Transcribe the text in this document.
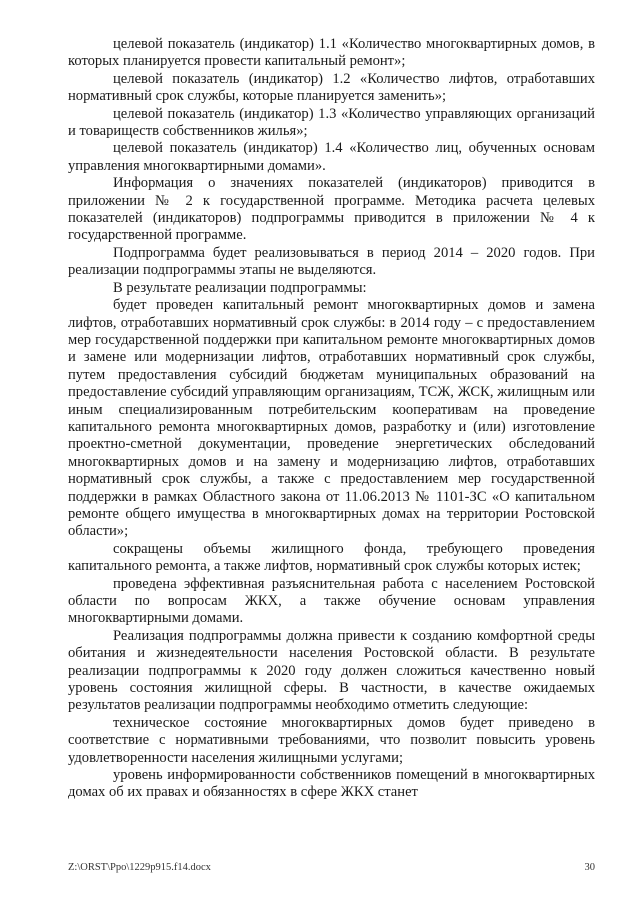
целевой показатель (индикатор) 1.1 «Количество многоквартирных домов, в которых планируется провести капитальный ремонт»;

целевой показатель (индикатор) 1.2 «Количество лифтов, отработавших нормативный срок службы, которые планируется заменить»;

целевой показатель (индикатор) 1.3 «Количество управляющих организаций и товариществ собственников жилья»;

целевой показатель (индикатор) 1.4 «Количество лиц, обученных основам управления многоквартирными домами».

Информация о значениях показателей (индикаторов) приводится в приложении № 2 к государственной программе. Методика расчета целевых показателей (индикаторов) подпрограммы приводится в приложении № 4 к государственной программе.

Подпрограмма будет реализовываться в период 2014 – 2020 годов. При реализации подпрограммы этапы не выделяются.

В результате реализации подпрограммы:

будет проведен капитальный ремонт многоквартирных домов и замена лифтов, отработавших нормативный срок службы: в 2014 году – с предоставлением мер государственной поддержки при капитальном ремонте многоквартирных домов и замене или модернизации лифтов, отработавших нормативный срок службы, путем предоставления субсидий бюджетам муниципальных образований на предоставление субсидий управляющим организациям, ТСЖ, ЖСК, жилищным или иным специализированным потребительским кооперативам на проведение капитального ремонта многоквартирных домов, разработку и (или) изготовление проектно-сметной документации, проведение энергетических обследований многоквартирных домов и на замену и модернизацию лифтов, отработавших нормативный срок службы, а также с предоставлением мер государственной поддержки в рамках Областного закона от 11.06.2013 № 1101-ЗС «О капитальном ремонте общего имущества в многоквартирных домах на территории Ростовской области»;

сокращены объемы жилищного фонда, требующего проведения капитального ремонта, а также лифтов, нормативный срок службы которых истек;

проведена эффективная разъяснительная работа с населением Ростовской области по вопросам ЖКХ, а также обучение основам управления многоквартирными домами.

Реализация подпрограммы должна привести к созданию комфортной среды обитания и жизнедеятельности населения Ростовской области. В результате реализации подпрограммы к 2020 году должен сложиться качественно новый уровень состояния жилищной сферы. В частности, в качестве ожидаемых результатов реализации подпрограммы необходимо отметить следующие:

техническое состояние многоквартирных домов будет приведено в соответствие с нормативными требованиями, что позволит повысить уровень удовлетворенности населения жилищными услугами;

уровень информированности собственников помещений в многоквартирных домах об их правах и обязанностях в сфере ЖКХ станет

Z:\ORST\Ppo\1229p915.f14.docx	30
